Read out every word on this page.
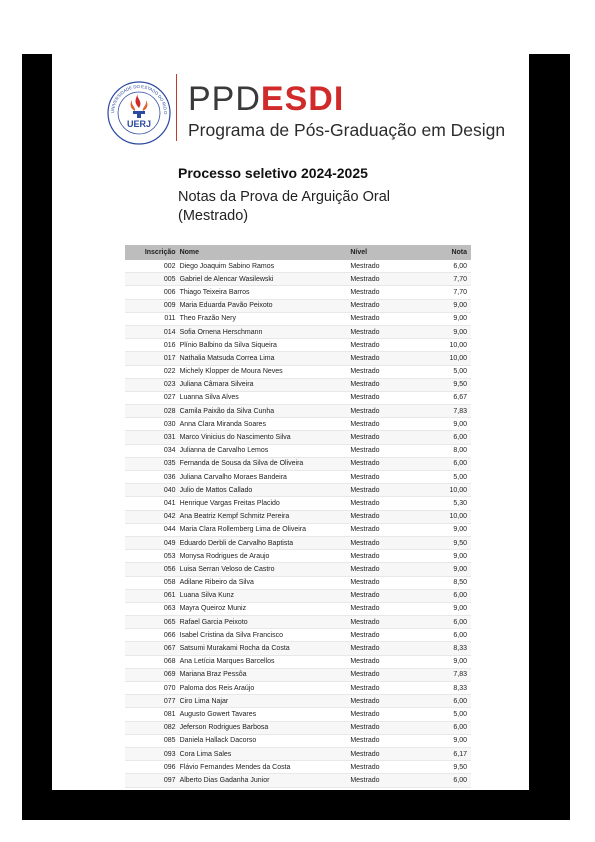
UERJ
UNIVERSIDADE DO ESTADO DO RIO D PPDESDI
Programa de Pós-Graduação em Design
Processo seletivo 2024-2025
Notas da Prova de Arguição Oral (Mestrado)
Inscrição	Nome	Nível	Nota
002	Diego Joaquim Sabino Ramos	Mestrado	6,00
005	Gabriel de Alencar Wasilewski	Mestrado	7,70
006	Thiago Teixeira Barros	Mestrado	7,70
009	Maria Eduarda Pavão Peixoto	Mestrado	9,00
011	Theo Frazão Nery	Mestrado	9,00
014	Sofia Ornena Herschmann	Mestrado	9,00
016	Plínio Balbino da Silva Siqueira	Mestrado	10,00
017	Nathalia Matsuda Correa Lima	Mestrado	10,00
022	Michely Klopper de Moura Neves	Mestrado	5,00
023	Juliana Câmara Silveira	Mestrado	9,50
027	Luanna Silva Alves	Mestrado	6,67
028	Camila Paixão da Silva Cunha	Mestrado	7,83
030	Anna Clara Miranda Soares	Mestrado	9,00
031	Marco Vinicius do Nascimento Silva	Mestrado	6,00
034	Julianna de Carvalho Lemos	Mestrado	8,00
035	Fernanda de Sousa da Silva de Oliveira	Mestrado	6,00
036	Juliana Carvalho Moraes Bandeira	Mestrado	5,00
040	Julio de Mattos Callado	Mestrado	10,00
041	Henrique Vargas Freitas Placido	Mestrado	5,30
042	Ana Beatriz Kempf Schmitz Pereira	Mestrado	10,00
044	Maria Clara Rollemberg Lima de Oliveira	Mestrado	9,00
049	Eduardo Derbli de Carvalho Baptista	Mestrado	9,50
053	Monysa Rodrigues de Araujo	Mestrado	9,00
056	Luisa Serran Veloso de Castro	Mestrado	9,00
058	Adilane Ribeiro da Silva	Mestrado	8,50
061	Luana Silva Kunz	Mestrado	6,00
063	Mayra Queiroz Muniz	Mestrado	9,00
065	Rafael Garcia Peixoto	Mestrado	6,00
066	Isabel Cristina da Silva Francisco	Mestrado	6,00
067	Satsumi Murakami Rocha da Costa	Mestrado	8,33
068	Ana Letícia Marques Barcellos	Mestrado	9,00
069	Mariana Braz Pessôa	Mestrado	7,83
070	Paloma dos Reis Araújo	Mestrado	8,33
077	Ciro Lima Najar	Mestrado	6,00
081	Augusto Gowert Tavares	Mestrado	5,00
082	Jeferson Rodrigues Barbosa	Mestrado	6,00
085	Daniela Hallack Dacorso	Mestrado	9,00
093	Cora Lima Sales	Mestrado	6,17
096	Flávio Fernandes Mendes da Costa	Mestrado	9,50
097	Alberto Dias Gadanha Junior	Mestrado	6,00
